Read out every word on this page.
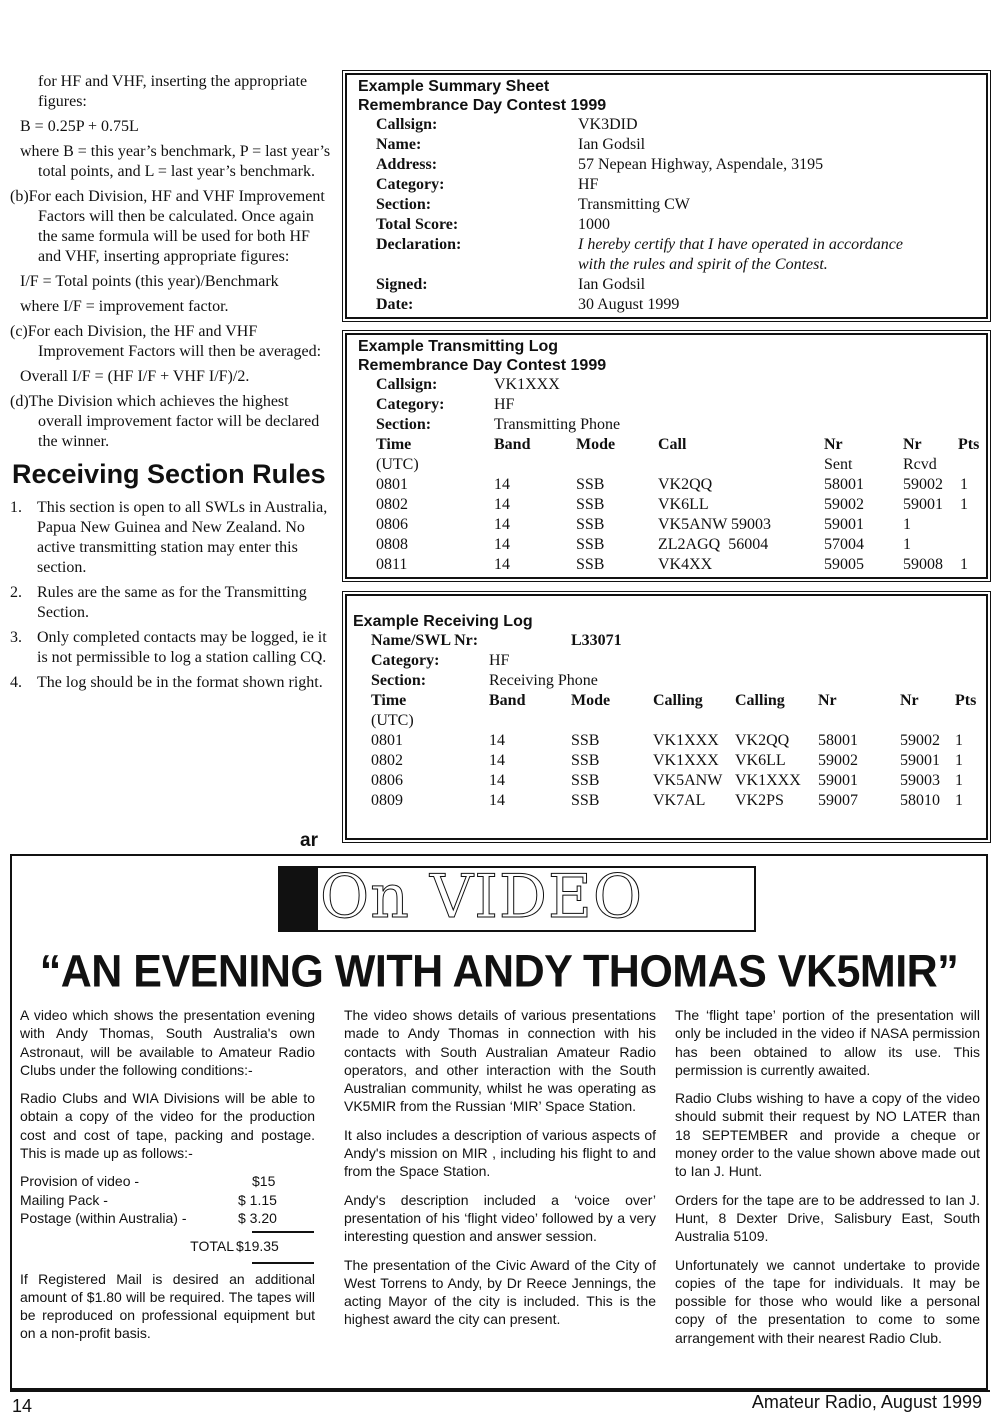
for HF and VHF, inserting the appropriate figures:

B = 0.25P + 0.75L

where B = this year’s benchmark, P = last year’s total points, and L = last year’s benchmark.

(b)For each Division, HF and VHF Improvement Factors will then be calculated. Once again the same formula will be used for both HF and VHF, inserting appropriate figures:

I/F = Total points (this year)/Benchmark

where I/F = improvement factor.

(c)For each Division, the HF and VHF Improvement Factors will then be averaged:

Overall I/F = (HF I/F + VHF I/F)/2.

(d)The Division which achieves the highest overall improvement factor will be declared the winner.

Receiving Section Rules
1. This section is open to all SWLs in Australia, Papua New Guinea and New Zealand. No active transmitting station may enter this section.
2. Rules are the same as for the Transmitting Section.
3. Only completed contacts may be logged, ie it is not permissible to log a station calling CQ.
4. The log should be in the format shown right.
ar
Example Summary Sheet
Remembrance Day Contest 1999
Callsign:	VK3DID
Name:	Ian Godsil
Address:	57 Nepean Highway, Aspendale, 3195
Category:	HF
Section:	Transmitting CW
Total Score:	1000
Declaration:	I hereby certify that I have operated in accordance
with the rules and spirit of the Contest.
Signed:	Ian Godsil
Date:	30 August 1999
Example Transmitting Log
Remembrance Day Contest 1999
Callsign:	VK1XXX
Category:	HF
Section:	Transmitting Phone
Time	Band	Mode	Call	Nr	Nr Pts
(UTC)	Sent	Rcvd
0801	14	SSB	VK2QQ	58001 59002 1
0802	14	SSB	VK6LL	59002 59001 1
0806	14	SSB	VK5ANW 59003	59001 1
0808	14	SSB	ZL2AGQ  56004	57004 1
0811	14	SSB	VK4XX	59005 59008 1
Example Receiving Log
Name/SWL Nr:	L33071
Category:	HF
Section:	Receiving Phone
Time	Band	Mode	Calling Calling Nr	Nr Pts
(UTC)
0801	14	SSB	VK1XXX VK2QQ 58001	59002 1
0802	14	SSB	VK1XXX VK6LL 59002	59001 1
0806	14	SSB	VK5ANW VK1XXX 59001	59003 1
0809	14	SSB	VK7AL VK2PS 59007	58010 1
On VIDEO
“AN EVENING WITH ANDY THOMAS VK5MIR”

A video which shows the presentation evening with Andy Thomas, South Australia's own Astronaut, will be available to Amateur Radio Clubs under the following conditions:-

Radio Clubs and WIA Divisions will be able to obtain a copy of the video for the production cost and cost of tape, packing and postage. This is made up as follows:-

Provision of video -	$15
Mailing Pack -	$ 1.15
Postage (within Australia) -	$ 3.20
TOTAL $19.35

If Registered Mail is desired an additional amount of $1.80 will be required. The tapes will be reproduced on professional equipment but on a non-profit basis.

The video shows details of various presentations made to Andy Thomas in connection with his contacts with South Australian Amateur Radio operators, and other interaction with the South Australian community, whilst he was operating as VK5MIR from the Russian ‘MIR’ Space Station.

It also includes a description of various aspects of Andy's mission on MIR , including his flight to and from the Space Station.

Andy's description included a ‘voice over’ presentation of his ‘flight video’ followed by a very interesting question and answer session.

The presentation of the Civic Award of the City of West Torrens to Andy, by Dr Reece Jennings, the acting Mayor of the city is included. This is the highest award the city can present.

The ‘flight tape’ portion of the presentation will only be included in the video if NASA permission has been obtained to allow its use. This permission is currently awaited.

Radio Clubs wishing to have a copy of the video should submit their request by NO LATER than 18 SEPTEMBER and provide a cheque or money order to the value shown above made out to Ian J. Hunt.

Orders for the tape are to be addressed to Ian J. Hunt, 8 Dexter Drive, Salisbury East, South Australia 5109.

Unfortunately we cannot undertake to provide copies of the tape for individuals. It may be possible for those who would like a personal copy of the presentation to come to some arrangement with their nearest Radio Club.

14	Amateur Radio, August 1999
